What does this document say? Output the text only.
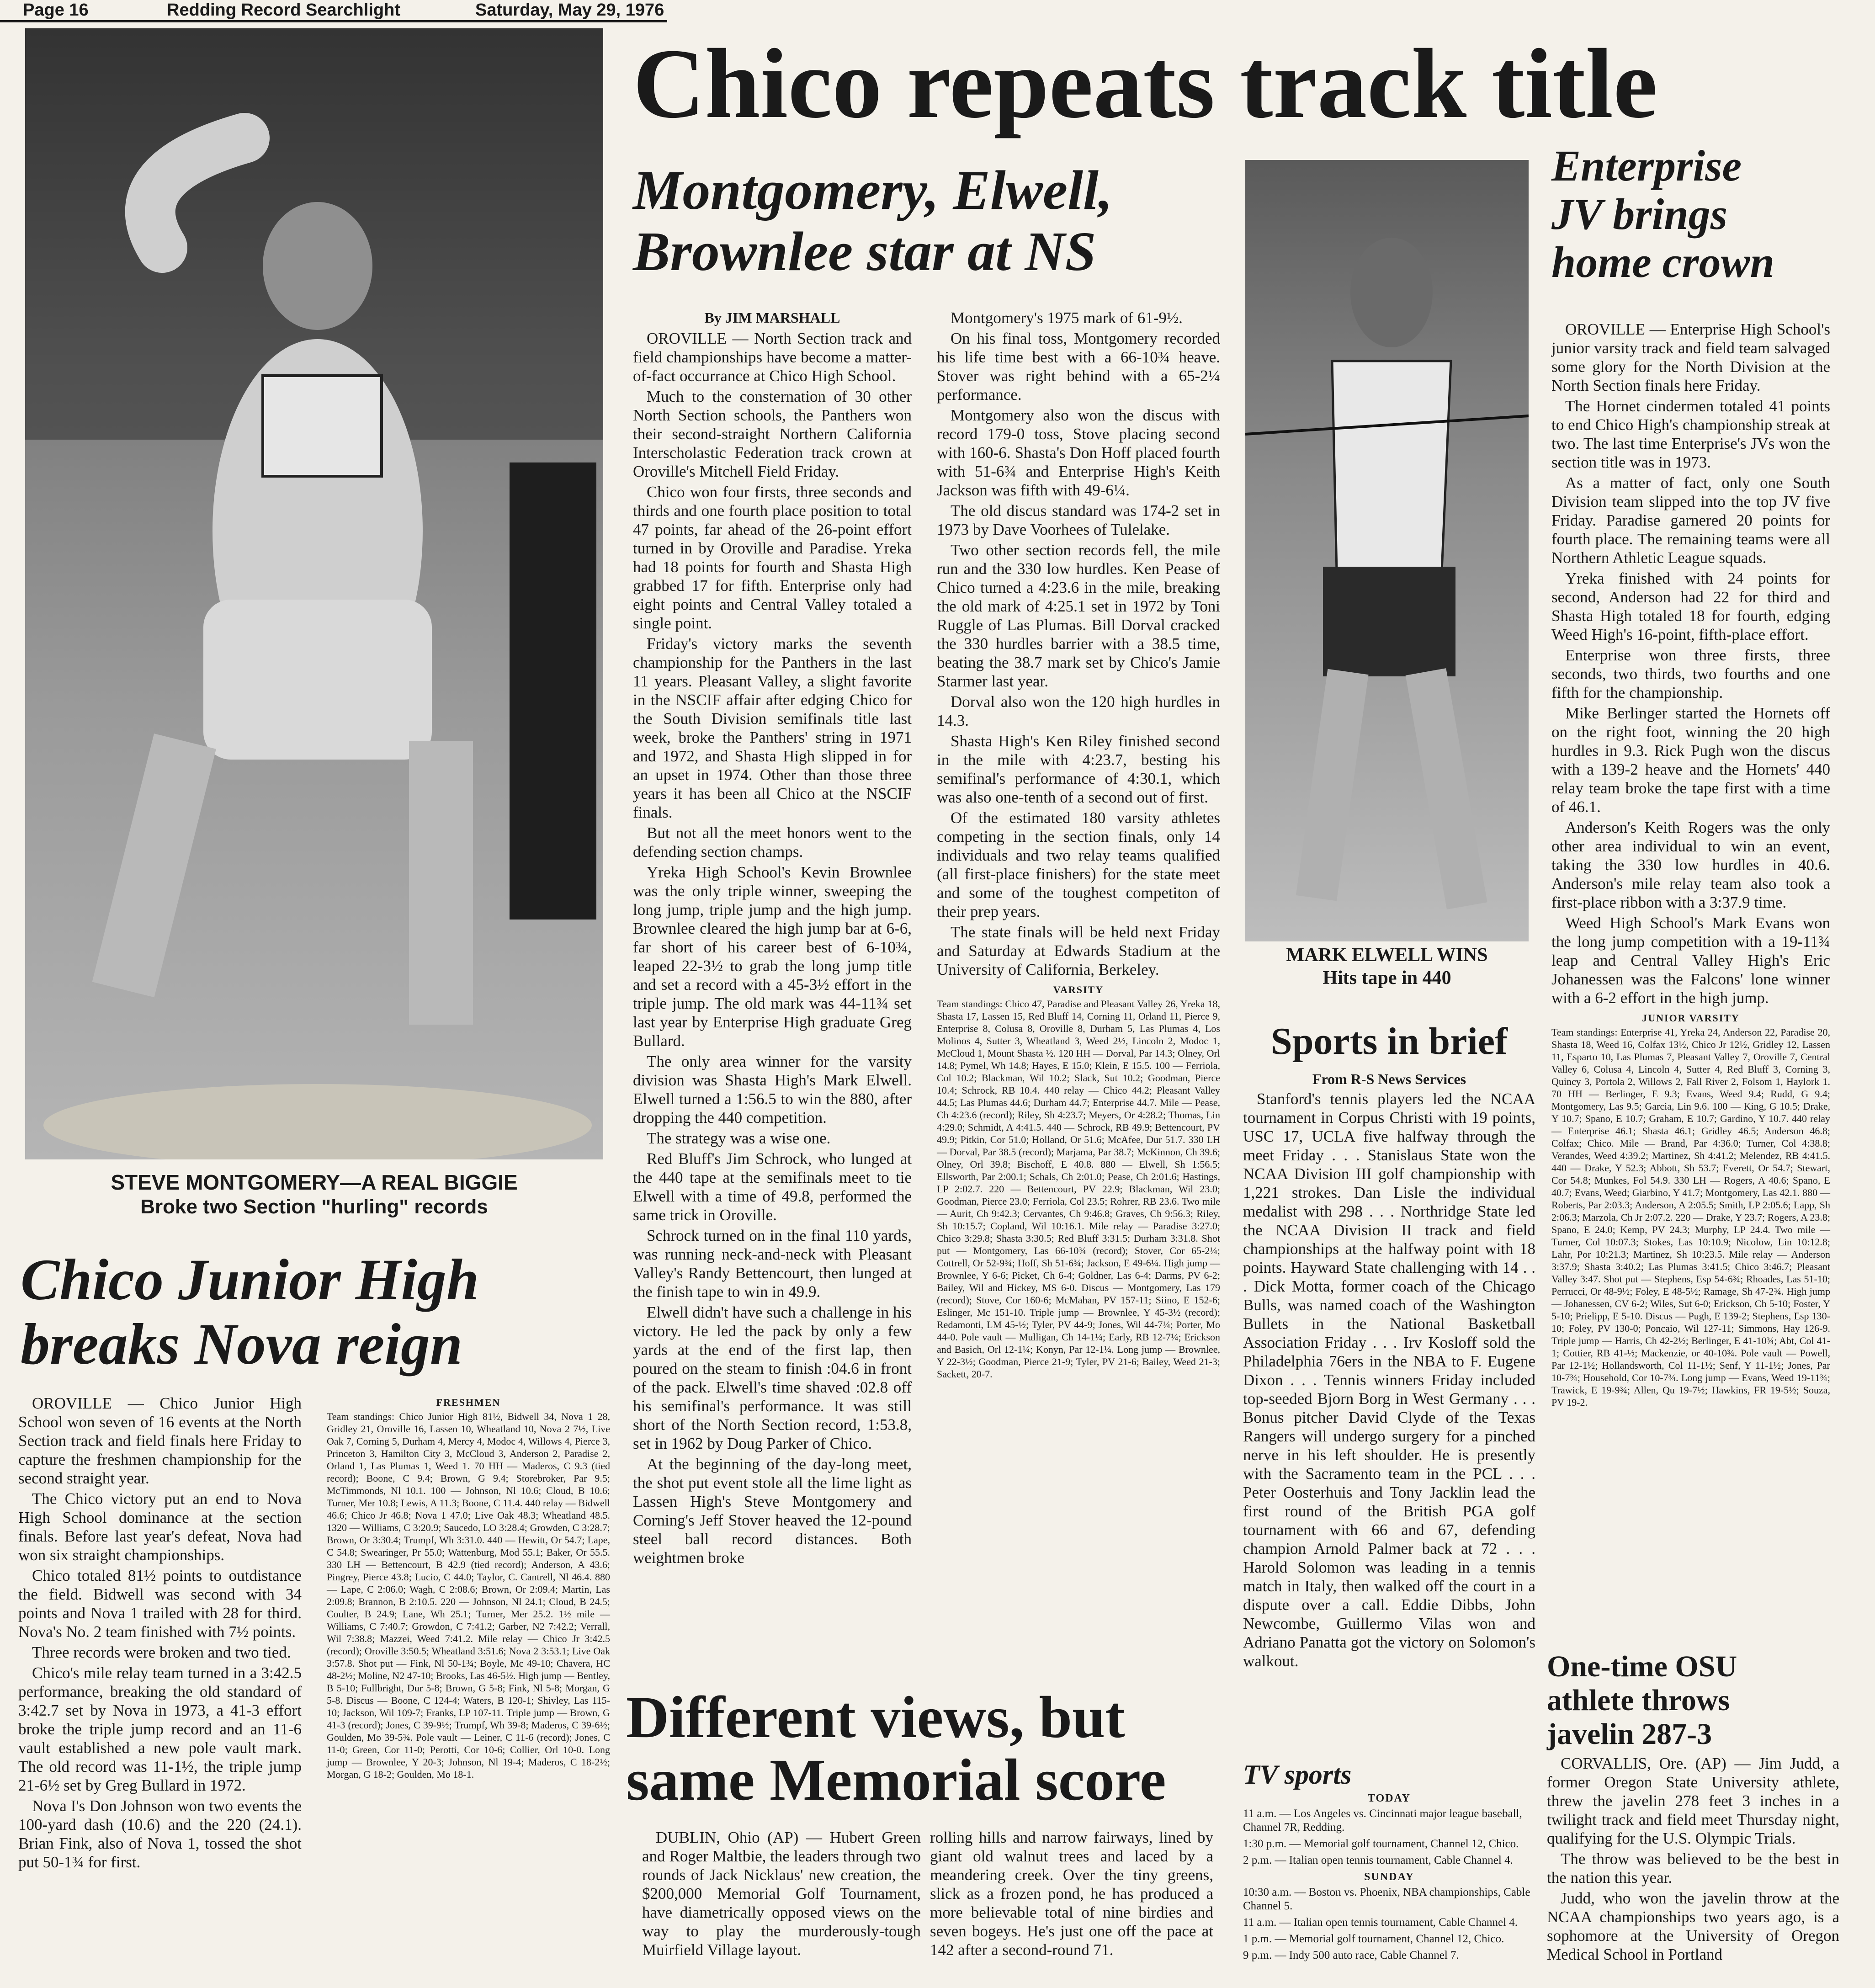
Page 16	Redding Record Searchlight	Saturday, May 29, 1976
STEVE MONTGOMERY—A REAL BIGGIE
Broke two Section "hurling" records
Chico repeats track title
Montgomery, Elwell,
Brownlee star at NS
By JIM MARSHALL

OROVILLE — North Section track and field championships have become a matter-of-fact occurrance at Chico High School.

Much to the consternation of 30 other North Section schools, the Panthers won their second-straight Northern California Interscholastic Federation track crown at Oroville's Mitchell Field Friday.

Chico won four firsts, three seconds and thirds and one fourth place position to total 47 points, far ahead of the 26-point effort turned in by Oroville and Paradise. Yreka had 18 points for fourth and Shasta High grabbed 17 for fifth. Enterprise only had eight points and Central Valley totaled a single point.

Friday's victory marks the seventh championship for the Panthers in the last 11 years. Pleasant Valley, a slight favorite in the NSCIF affair after edging Chico for the South Division semifinals title last week, broke the Panthers' string in 1971 and 1972, and Shasta High slipped in for an upset in 1974. Other than those three years it has been all Chico at the NSCIF finals.

But not all the meet honors went to the defending section champs.

Yreka High School's Kevin Brownlee was the only triple winner, sweeping the long jump, triple jump and the high jump. Brownlee cleared the high jump bar at 6-6, far short of his career best of 6-10¾, leaped 22-3½ to grab the long jump title and set a record with a 45-3½ effort in the triple jump. The old mark was 44-11¾ set last year by Enterprise High graduate Greg Bullard.

The only area winner for the varsity division was Shasta High's Mark Elwell. Elwell turned a 1:56.5 to win the 880, after dropping the 440 competition.

The strategy was a wise one.

Red Bluff's Jim Schrock, who lunged at the 440 tape at the semifinals meet to tie Elwell with a time of 49.8, performed the same trick in Oroville.

Schrock turned on in the final 110 yards, was running neck-and-neck with Pleasant Valley's Randy Bettencourt, then lunged at the finish tape to win in 49.9.

Elwell didn't have such a challenge in his victory. He led the pack by only a few yards at the end of the first lap, then poured on the steam to finish :04.6 in front of the pack. Elwell's time shaved :02.8 off his semifinal's performance. It was still short of the North Section record, 1:53.8, set in 1962 by Doug Parker of Chico.

At the beginning of the day-long meet, the shot put event stole all the lime light as Lassen High's Steve Montgomery and Corning's Jeff Stover heaved the 12-pound steel ball record distances. Both weightmen broke

Montgomery's 1975 mark of 61-9½.

On his final toss, Montgomery recorded his life time best with a 66-10¾ heave. Stover was right behind with a 65-2¼ performance.

Montgomery also won the discus with record 179-0 toss, Stove placing second with 160-6. Shasta's Don Hoff placed fourth with 51-6¾ and Enterprise High's Keith Jackson was fifth with 49-6¼.

The old discus standard was 174-2 set in 1973 by Dave Voorhees of Tulelake.

Two other section records fell, the mile run and the 330 low hurdles. Ken Pease of Chico turned a 4:23.6 in the mile, breaking the old mark of 4:25.1 set in 1972 by Toni Ruggle of Las Plumas. Bill Dorval cracked the 330 hurdles barrier with a 38.5 time, beating the 38.7 mark set by Chico's Jamie Starmer last year.

Dorval also won the 120 high hurdles in 14.3.

Shasta High's Ken Riley finished second in the mile with 4:23.7, besting his semifinal's performance of 4:30.1, which was also one-tenth of a second out of first.

Of the estimated 180 varsity athletes competing in the section finals, only 14 individuals and two relay teams qualified (all first-place finishers) for the state meet and some of the toughest competiton of their prep years.

The state finals will be held next Friday and Saturday at Edwards Stadium at the University of California, Berkeley.

VARSITY
Team standings: Chico 47, Paradise and Pleasant Valley 26, Yreka 18, Shasta 17, Lassen 15, Red Bluff 14, Corning 11, Orland 11, Pierce 9, Enterprise 8, Colusa 8, Oroville 8, Durham 5, Las Plumas 4, Los Molinos 4, Sutter 3, Wheatland 3, Weed 2½, Lincoln 2, Modoc 1, McCloud 1, Mount Shasta ½. 120 HH — Dorval, Par 14.3; Olney, Orl 14.8; Pymel, Wh 14.8; Hayes, E 15.0; Klein, E 15.5. 100 — Ferriola, Col 10.2; Blackman, Wil 10.2; Slack, Sut 10.2; Goodman, Pierce 10.4; Schrock, RB 10.4. 440 relay — Chico 44.2; Pleasant Valley 44.5; Las Plumas 44.6; Durham 44.7; Enterprise 44.7. Mile — Pease, Ch 4:23.6 (record); Riley, Sh 4:23.7; Meyers, Or 4:28.2; Thomas, Lin 4:29.0; Schmidt, A 4:41.5. 440 — Schrock, RB 49.9; Bettencourt, PV 49.9; Pitkin, Cor 51.0; Holland, Or 51.6; McAfee, Dur 51.7. 330 LH — Dorval, Par 38.5 (record); Marjama, Par 38.7; McKinnon, Ch 39.6; Olney, Orl 39.8; Bischoff, E 40.8. 880 — Elwell, Sh 1:56.5; Ellsworth, Par 2:00.1; Schals, Ch 2:01.0; Pease, Ch 2:01.6; Hastings, LP 2:02.7. 220 — Bettencourt, PV 22.9; Blackman, Wil 23.0; Goodman, Pierce 23.0; Ferriola, Col 23.5; Rohrer, RB 23.6. Two mile — Aurit, Ch 9:42.3; Cervantes, Ch 9:46.8; Graves, Ch 9:56.3; Riley, Sh 10:15.7; Copland, Wil 10:16.1. Mile relay — Paradise 3:27.0; Chico 3:29.8; Shasta 3:30.5; Red Bluff 3:31.5; Durham 3:31.8. Shot put — Montgomery, Las 66-10¾ (record); Stover, Cor 65-2¼; Cottrell, Or 52-9¾; Hoff, Sh 51-6¾; Jackson, E 49-6¼. High jump — Brownlee, Y 6-6; Picket, Ch 6-4; Goldner, Las 6-4; Darms, PV 6-2; Bailey, Wil and Hickey, MS 6-0. Discus — Montgomery, Las 179 (record); Stove, Cor 160-6; McMahan, PV 157-11; Siino, E 152-6; Eslinger, Mc 151-10. Triple jump — Brownlee, Y 45-3½ (record); Redamonti, LM 45-½; Tyler, PV 44-9; Jones, Wil 44-7¼; Porter, Mo 44-0. Pole vault — Mulligan, Ch 14-1¼; Early, RB 12-7¼; Erickson and Basich, Orl 12-1¼; Konyn, Par 12-1¼. Long jump — Brownlee, Y 22-3½; Goodman, Pierce 21-9; Tyler, PV 21-6; Bailey, Weed 21-3; Sackett, 20-7.
MARK ELWELL WINS
Hits tape in 440
Enterprise
JV brings
home crown

OROVILLE — Enterprise High School's junior varsity track and field team salvaged some glory for the North Division at the North Section finals here Friday.

The Hornet cindermen totaled 41 points to end Chico High's championship streak at two. The last time Enterprise's JVs won the section title was in 1973.

As a matter of fact, only one South Division team slipped into the top JV five Friday. Paradise garnered 20 points for fourth place. The remaining teams were all Northern Athletic League squads.

Yreka finished with 24 points for second, Anderson had 22 for third and Shasta High totaled 18 for fourth, edging Weed High's 16-point, fifth-place effort.

Enterprise won three firsts, three seconds, two thirds, two fourths and one fifth for the championship.

Mike Berlinger started the Hornets off on the right foot, winning the 20 high hurdles in 9.3. Rick Pugh won the discus with a 139-2 heave and the Hornets' 440 relay team broke the tape first with a time of 46.1.

Anderson's Keith Rogers was the only other area individual to win an event, taking the 330 low hurdles in 40.6. Anderson's mile relay team also took a first-place ribbon with a 3:37.9 time.

Weed High School's Mark Evans won the long jump competition with a 19-11¾ leap and Central Valley High's Eric Johanessen was the Falcons' lone winner with a 6-2 effort in the high jump.

JUNIOR VARSITY
Team standings: Enterprise 41, Yreka 24, Anderson 22, Paradise 20, Shasta 18, Weed 16, Colfax 13½, Chico Jr 12½, Gridley 12, Lassen 11, Esparto 10, Las Plumas 7, Pleasant Valley 7, Oroville 7, Central Valley 6, Colusa 4, Lincoln 4, Sutter 4, Red Bluff 3, Corning 3, Quincy 3, Portola 2, Willows 2, Fall River 2, Folsom 1, Haylork 1. 70 HH — Berlinger, E 9.3; Evans, Weed 9.4; Rudd, G 9.4; Montgomery, Las 9.5; Garcia, Lin 9.6. 100 — King, G 10.5; Drake, Y 10.7; Spano, E 10.7; Graham, E 10.7; Gardino, Y 10.7. 440 relay — Enterprise 46.1; Shasta 46.1; Gridley 46.5; Anderson 46.8; Colfax; Chico. Mile — Brand, Par 4:36.0; Turner, Col 4:38.8; Verandes, Weed 4:39.2; Martinez, Sh 4:41.2; Melendez, RB 4:41.5. 440 — Drake, Y 52.3; Abbott, Sh 53.7; Everett, Or 54.7; Stewart, Cor 54.8; Munkes, Fol 54.9. 330 LH — Rogers, A 40.6; Spano, E 40.7; Evans, Weed; Giarbino, Y 41.7; Montgomery, Las 42.1. 880 — Roberts, Par 2:03.3; Anderson, A 2:05.5; Smith, LP 2:05.6; Lapp, Sh 2:06.3; Marzola, Ch Jr 2:07.2. 220 — Drake, Y 23.7; Rogers, A 23.8; Spano, E 24.0; Kemp, PV 24.3; Murphy, LP 24.4. Two mile — Turner, Col 10:07.3; Stokes, Las 10:10.9; Nicolow, Lin 10:12.8; Lahr, Por 10:21.3; Martinez, Sh 10:23.5. Mile relay — Anderson 3:37.9; Shasta 3:40.2; Las Plumas 3:41.5; Chico 3:46.7; Pleasant Valley 3:47. Shot put — Stephens, Esp 54-6¾; Rhoades, Las 51-10; Perrucci, Or 48-9½; Foley, E 48-5½; Ramage, Sh 47-2¾. High jump — Johanessen, CV 6-2; Wiles, Sut 6-0; Erickson, Ch 5-10; Foster, Y 5-10; Prielipp, E 5-10. Discus — Pugh, E 139-2; Stephens, Esp 130-10; Foley, PV 130-0; Poncaio, Wil 127-11; Simmons, Hay 126-9. Triple jump — Harris, Ch 42-2½; Berlinger, E 41-10¾; Abt, Col 41-1; Cottier, RB 41-½; Mackenzie, or 40-10¾. Pole vault — Powell, Par 12-1½; Hollandsworth, Col 11-1½; Senf, Y 11-1½; Jones, Par 10-7¾; Household, Cor 10-7¾. Long jump — Evans, Weed 19-11¾; Trawick, E 19-9¾; Allen, Qu 19-7½; Hawkins, FR 19-5½; Souza, PV 19-2.
Sports in brief
From R-S News Services

Stanford's tennis players led the NCAA tournament in Corpus Christi with 19 points, USC 17, UCLA five halfway through the meet Friday . . . Stanislaus State won the NCAA Division III golf championship with 1,221 strokes. Dan Lisle the individual medalist with 298 . . . Northridge State led the NCAA Division II track and field championships at the halfway point with 18 points. Hayward State challenging with 14 . . . Dick Motta, former coach of the Chicago Bulls, was named coach of the Washington Bullets in the National Basketball Association Friday . . . Irv Kosloff sold the Philadelphia 76ers in the NBA to F. Eugene Dixon . . . Tennis winners Friday included top-seeded Bjorn Borg in West Germany . . . Bonus pitcher David Clyde of the Texas Rangers will undergo surgery for a pinched nerve in his left shoulder. He is presently with the Sacramento team in the PCL . . . Peter Oosterhuis and Tony Jacklin lead the first round of the British PGA golf tournament with 66 and 67, defending champion Arnold Palmer back at 72 . . . Harold Solomon was leading in a tennis match in Italy, then walked off the court in a dispute over a call. Eddie Dibbs, John Newcombe, Guillermo Vilas won and Adriano Panatta got the victory on Solomon's walkout.

TV sports
TODAY

11 a.m. — Los Angeles vs. Cincinnati major league baseball, Channel 7R, Redding.

1:30 p.m. — Memorial golf tournament, Channel 12, Chico.

2 p.m. — Italian open tennis tournament, Cable Channel 4.

SUNDAY

10:30 a.m. — Boston vs. Phoenix, NBA championships, Cable Channel 5.

11 a.m. — Italian open tennis tournament, Cable Channel 4.

1 p.m. — Memorial golf tournament, Channel 12, Chico.

9 p.m. — Indy 500 auto race, Cable Channel 7.

One-time OSU
athlete throws
javelin 287-3

CORVALLIS, Ore. (AP) — Jim Judd, a former Oregon State University athlete, threw the javelin 278 feet 3 inches in a twilight track and field meet Thursday night, qualifying for the U.S. Olympic Trials.

The throw was believed to be the best in the nation this year.

Judd, who won the javelin throw at the NCAA championships two years ago, is a sophomore at the University of Oregon Medical School in Portland

Chico Junior High
breaks Nova reign

OROVILLE — Chico Junior High School won seven of 16 events at the North Section track and field finals here Friday to capture the freshmen championship for the second straight year.

The Chico victory put an end to Nova High School dominance at the section finals. Before last year's defeat, Nova had won six straight championships.

Chico totaled 81½ points to outdistance the field. Bidwell was second with 34 points and Nova 1 trailed with 28 for third. Nova's No. 2 team finished with 7½ points.

Three records were broken and two tied.

Chico's mile relay team turned in a 3:42.5 performance, breaking the old standard of 3:42.7 set by Nova in 1973, a 41-3 effort broke the triple jump record and an 11-6 vault established a new pole vault mark. The old record was 11-1½, the triple jump 21-6½ set by Greg Bullard in 1972.

Nova I's Don Johnson won two events the 100-yard dash (10.6) and the 220 (24.1). Brian Fink, also of Nova 1, tossed the shot put 50-1¾ for first.

FRESHMEN
Team standings: Chico Junior High 81½, Bidwell 34, Nova 1 28, Gridley 21, Oroville 16, Lassen 10, Wheatland 10, Nova 2 7½, Live Oak 7, Corning 5, Durham 4, Mercy 4, Modoc 4, Willows 4, Pierce 3, Princeton 3, Hamilton City 3, McCloud 3, Anderson 2, Paradise 2, Orland 1, Las Plumas 1, Weed 1. 70 HH — Maderos, C 9.3 (tied record); Boone, C 9.4; Brown, G 9.4; Storebroker, Par 9.5; McTimmonds, Nl 10.1. 100 — Johnson, Nl 10.6; Cloud, B 10.6; Turner, Mer 10.8; Lewis, A 11.3; Boone, C 11.4. 440 relay — Bidwell 46.6; Chico Jr 46.8; Nova 1 47.0; Live Oak 48.3; Wheatland 48.5. 1320 — Williams, C 3:20.9; Saucedo, LO 3:28.4; Growden, C 3:28.7; Brown, Or 3:30.4; Trumpf, Wh 3:31.0. 440 — Hewitt, Or 54.7; Lape, C 54.8; Swearinger, Pr 55.0; Wattenburg, Mod 55.1; Baker, Or 55.5. 330 LH — Bettencourt, B 42.9 (tied record); Anderson, A 43.6; Pingrey, Pierce 43.8; Lucio, C 44.0; Taylor, C. Cantrell, Nl 46.4. 880 — Lape, C 2:06.0; Wagh, C 2:08.6; Brown, Or 2:09.4; Martin, Las 2:09.8; Brannon, B 2:10.5. 220 — Johnson, Nl 24.1; Cloud, B 24.5; Coulter, B 24.9; Lane, Wh 25.1; Turner, Mer 25.2. 1½ mile — Williams, C 7:40.7; Growdon, C 7:41.2; Garber, N2 7:42.2; Verrall, Wil 7:38.8; Mazzei, Weed 7:41.2. Mile relay — Chico Jr 3:42.5 (record); Oroville 3:50.5; Wheatland 3:51.6; Nova 2 3:53.1; Live Oak 3:57.8. Shot put — Fink, Nl 50-1¾; Boyle, Mc 49-10; Chavera, HC 48-2½; Moline, N2 47-10; Brooks, Las 46-5½. High jump — Bentley, B 5-10; Fullbright, Dur 5-8; Brown, G 5-8; Fink, Nl 5-8; Morgan, G 5-8. Discus — Boone, C 124-4; Waters, B 120-1; Shivley, Las 115-10; Jackson, Wil 109-7; Franks, LP 107-11. Triple jump — Brown, G 41-3 (record); Jones, C 39-9½; Trumpf, Wh 39-8; Maderos, C 39-6½; Goulden, Mo 39-5¾. Pole vault — Leiner, C 11-6 (record); Jones, C 11-0; Green, Cor 11-0; Perotti, Cor 10-6; Collier, Orl 10-0. Long jump — Brownlee, Y 20-3; Johnson, Nl 19-4; Maderos, C 18-2½; Morgan, G 18-2; Goulden, Mo 18-1.
Different views, but
same Memorial score

DUBLIN, Ohio (AP) — Hubert Green and Roger Maltbie, the leaders through two rounds of Jack Nicklaus' new creation, the $200,000 Memorial Golf Tournament, have diametrically opposed views on the way to play the murderously-tough Muirfield Village layout.

rolling hills and narrow fairways, lined by giant old walnut trees and laced by a meandering creek. Over the tiny greens, slick as a frozen pond, he has produced a more believable total of nine birdies and seven bogeys. He's just one off the pace at 142 after a second-round 71.
